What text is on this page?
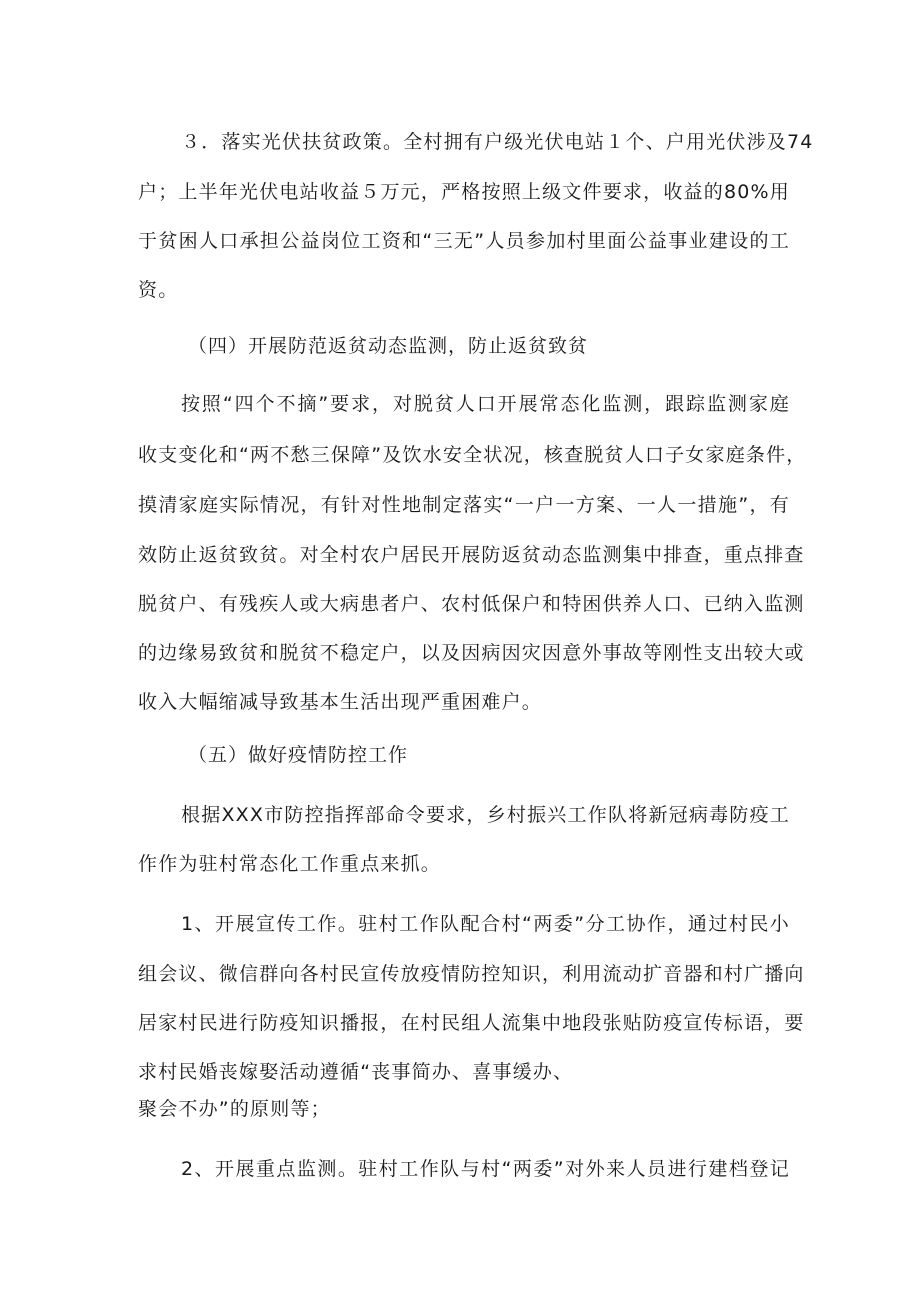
３．落实光伏扶贫政策。全村拥有户级光伏电站１个、户用光伏涉及74
户；上半年光伏电站收益５万元，严格按照上级文件要求，收益的80%用
于贫困人口承担公益岗位工资和“三无”人员参加村里面公益事业建设的工
资。
（四）开展防范返贫动态监测，防止返贫致贫
按照“四个不摘”要求，对脱贫人口开展常态化监测，跟踪监测家庭
收支变化和“两不愁三保障”及饮水安全状况，核查脱贫人口子女家庭条件，
摸清家庭实际情况，有针对性地制定落实“一户一方案、一人一措施”，有
效防止返贫致贫。对全村农户居民开展防返贫动态监测集中排查，重点排查
脱贫户、有残疾人或大病患者户、农村低保户和特困供养人口、已纳入监测
的边缘易致贫和脱贫不稳定户，以及因病因灾因意外事故等刚性支出较大或
收入大幅缩减导致基本生活出现严重困难户。
（五）做好疫情防控工作
根据XXX市防控指挥部命令要求，乡村振兴工作队将新冠病毒防疫工
作作为驻村常态化工作重点来抓。
1、开展宣传工作。驻村工作队配合村“两委”分工协作，通过村民小
组会议、微信群向各村民宣传放疫情防控知识，利用流动扩音器和村广播向
居家村民进行防疫知识播报，在村民组人流集中地段张贴防疫宣传标语，要
求村民婚丧嫁娶活动遵循“丧事简办、喜事缓办、
聚会不办”的原则等；
2、开展重点监测。驻村工作队与村“两委”对外来人员进行建档登记
